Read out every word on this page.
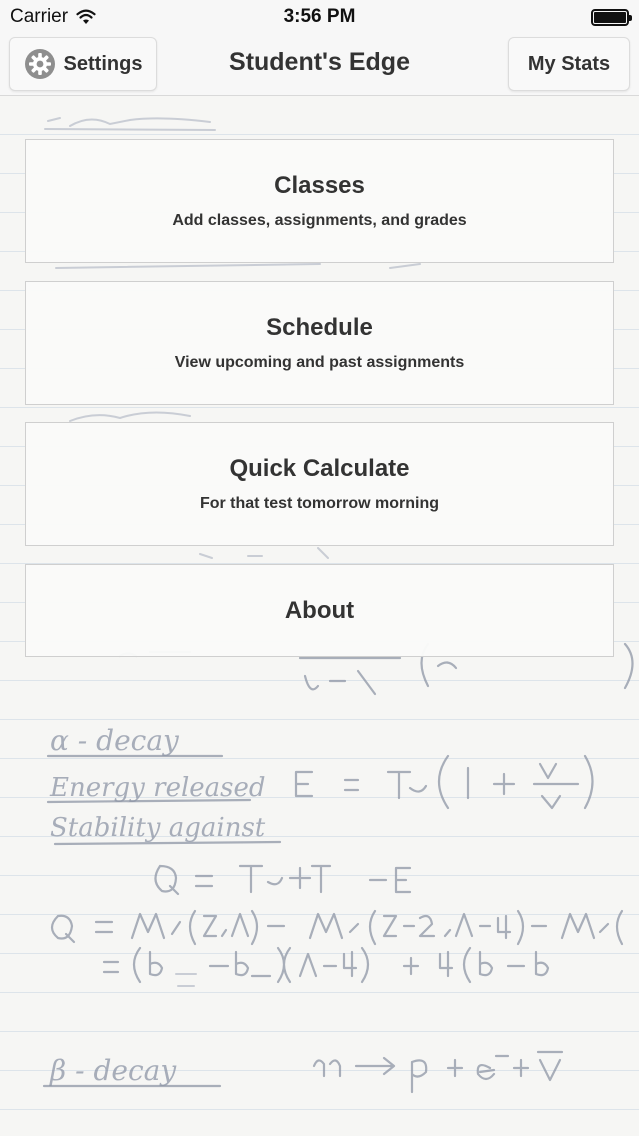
α - decay
Energy released
Stability against
β - decay
Carrier	3:56 PM
Settings	Student's Edge	My Stats
Classes
Add classes, assignments, and grades
Schedule
View upcoming and past assignments
Quick Calculate
For that test tomorrow morning
About
